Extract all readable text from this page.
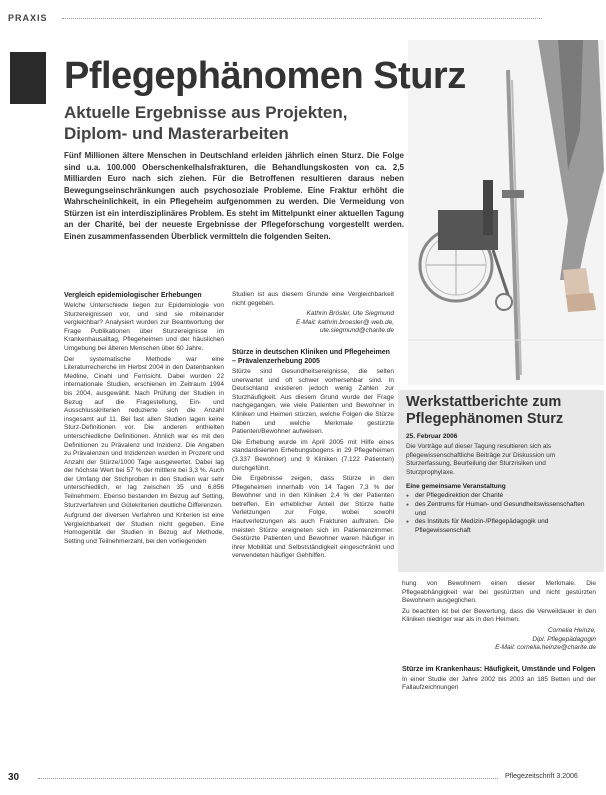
PRAXIS
Pflegephänomen Sturz
Aktuelle Ergebnisse aus Projekten, Diplom- und Masterarbeiten

Fünf Millionen ältere Menschen in Deutschland erleiden jährlich einen Sturz. Die Folge sind u.a. 100.000 Oberschenkelhalsfrakturen, die Behandlungskosten von ca. 2,5 Milliarden Euro nach sich ziehen. Für die Betroffenen resultieren daraus neben Bewegungseinschränkungen auch psychosoziale Probleme. Eine Fraktur erhöht die Wahrscheinlichkeit, in ein Pflegeheim aufgenommen zu werden. Die Vermeidung von Stürzen ist ein interdisziplinäres Problem. Es steht im Mittelpunkt einer aktuellen Tagung an der Charité, bei der neueste Ergebnisse der Pflegeforschung vorgestellt werden. Einen zusammenfassenden Überblick vermitteln die folgenden Seiten.

Vergleich epidemiologischer Erhebungen

Welche Unterschiede liegen zur Epidemiologie von Sturzereignissen vor, und sind sie miteinander vergleichbar? Analysiert wurden zur Beantwortung der Frage Publikationen über Sturzereignisse im Krankenhausalltag, Pflegeheimen und der häuslichen Umgebung bei älteren Menschen über 60 Jahre.

Der systematische Methode war eine Literaturrecherche im Herbst 2004 in den Datenbanken Medline, Cinahl und Fernsicht. Dabei wurden 22 internationale Studien, erschienen im Zeitraum 1994 bis 2004, ausgewählt. Nach Prüfung der Studien in Bezug auf die Fragestellung, Ein- und Ausschlusskriterien reduzierte sich die Anzahl insgesamt auf 11. Bei fast allen Studien lagen keine Sturz-Definitionen vor. Die anderen enthielten unterschiedliche Definitionen. Ähnlich war es mit den Definitionen zu Prävalenz und Inzidenz. Die Angaben zu Prävalenzen und Inzidenzen wurden in Prozent und Anzahl der Stürze/1000 Tage ausgewertet. Dabei lag der höchste Wert bei 57 % der mittlere bei 3,3 %. Auch der Umfang der Stichproben in den Studien war sehr unterschiedlich, er lag zwischen 35 und 6.856 Teilnehmern. Ebenso bestanden im Bezug auf Setting, Sturzverfahren und Gütekriterien deutliche Differenzen.

Aufgrund der diversen Verfahren und Kriterien ist eine Vergleichbarkeit der Studien nicht gegeben. Eine Homogenität der Studien in Bezug auf Methode, Setting und Teilnehmerzahl, bei den vorliegenden

Studien ist aus diesem Grunde eine Vergleichbarkeit nicht gegeben.

Kathrin Brösler, Ute Siegmund
E-Mail: kathrin.broesler@ web.de, ute.siegmund@charite.de
Stürze in deutschen Kliniken und Pflegeheimen – Prävalenzerhebung 2005

Stürze sind Gesundheitsereignisse, die selten unerwartet und oft schwer vorhersehbar sind. In Deutschland existieren jedoch wenig Zahlen zur Sturzhäufigkeit. Aus diesem Grund wurde der Frage nachgegangen, wie viele Patienten und Bewohner in Kliniken und Heimen stürzen, welche Folgen die Stürze haben und welche Merkmale gestürzte Patienten/Bewohner aufweisen.

Die Erhebung wurde im April 2005 mit Hilfe eines standardisierten Erhebungsbogens in 29 Pflegeheimen (3.337 Bewohner) und 9 Kliniken (7.122 Patienten) durchgeführt.

Die Ergebnisse zeigen, dass Stürze in den Pflegeheimen innerhalb von 14 Tagen 7,3 % der Bewohner und in den Kliniken 2,4 % der Patienten betreffen. Ein erheblicher Anteil der Stürze hatte Verletzungen zur Folge, wobei sowohl Hautverletzungen als auch Frakturen auftraten. Die meisten Stürze ereigneten sich im Patientenzimmer. Gestürzte Patienten und Bewohner waren häufiger in ihrer Mobilität und Selbstständigkeit eingeschränkt und verwendeten häufiger Gehhilfen.

Werkstattberichte zum Pflegephänomen Sturz
25. Februar 2006
Die Vorträge auf dieser Tagung resultieren sich als pflegewissenschaftliche Beiträge zur Diskussion um Sturzerfassung, Beurteilung der Sturzrisiken und Sturzprophylaxe.
Eine gemeinsame Veranstaltung
● der Pflegedirektion der Charité
● des Zentrums für Human- und Gesundheitswissenschaften und
● des Instituts für Medizin-/Pflegepädagogik und Pflegewissenschaft

hung von Bewohnern einen dieser Merkmale. Die Pflegeabhängigkeit war bei gestürzten und nicht gestürzten Bewohnern ausgeglichen.

Zu beachten ist bei der Bewertung, dass die Verweildauer in den Kliniken niedriger war als in den Heimen.

Cornelia Heinze,
Dipl. Pflegepädagogin
E-Mail: cornelia.heinze@charite.de
Stürze im Krankenhaus: Häufigkeit, Umstände und Folgen

In einer Studie der Jahre 2002 bis 2003 an 185 Betten und der Fallaufzeichnungen

30	Pflegezeitschrift 3.2006
